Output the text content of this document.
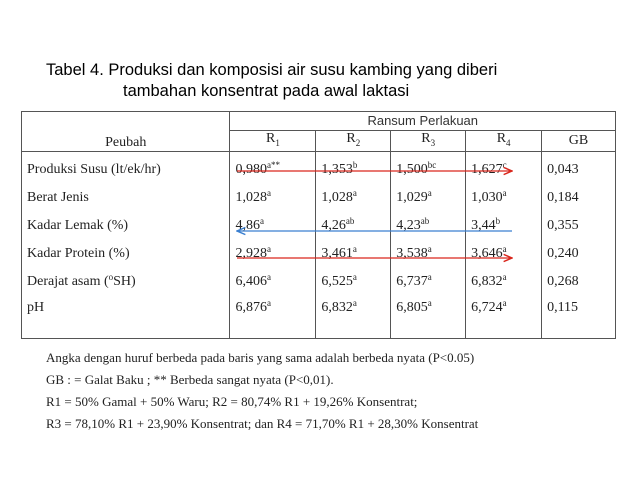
Tabel 4. Produksi dan komposisi air susu kambing yang diberi
tambahan konsentrat pada awal laktasi
Peubah	Ransum Perlakuan				
	$R_1$	$R_2$	$R_3$	$R_4$	GB
Produksi Susu (lt/ek/hr)	$0,980^{a**}$	1,353$^b$	1,500$^{bc}$	1,627$^c$	0,043
Berat Jenis	1,028$^a$	1,028$^a$	1,029$^a$	1,030$^a$	0,184
Kadar Lemak (%)	4,86$^a$	4,26$^{ab}$	4,23$^{ab}$	3,44$^b$	0,355
Kadar Protein (%)	2,928$^a$	3,461$^a$	3,538$^a$	3,646$^a$	0,240
Derajat asam ($^o$SH)	6,406$^a$	6,525$^a$	6,737$^a$	6,832$^a$	0,268
pH	6,876$^a$	6,832$^a$	6,805$^a$	6,724$^a$	0,115
Angka dengan huruf berbeda pada baris yang sama adalah berbeda nyata (P<0.05)
GB : = Galat Baku ; ** Berbeda sangat nyata (P<0,01).
R1 = 50% Gamal + 50% Waru; R2 = 80,74% R1 + 19,26% Konsentrat;
R3 = 78,10% R1 + 23,90% Konsentrat; dan R4 = 71,70% R1 + 28,30% Konsentrat
